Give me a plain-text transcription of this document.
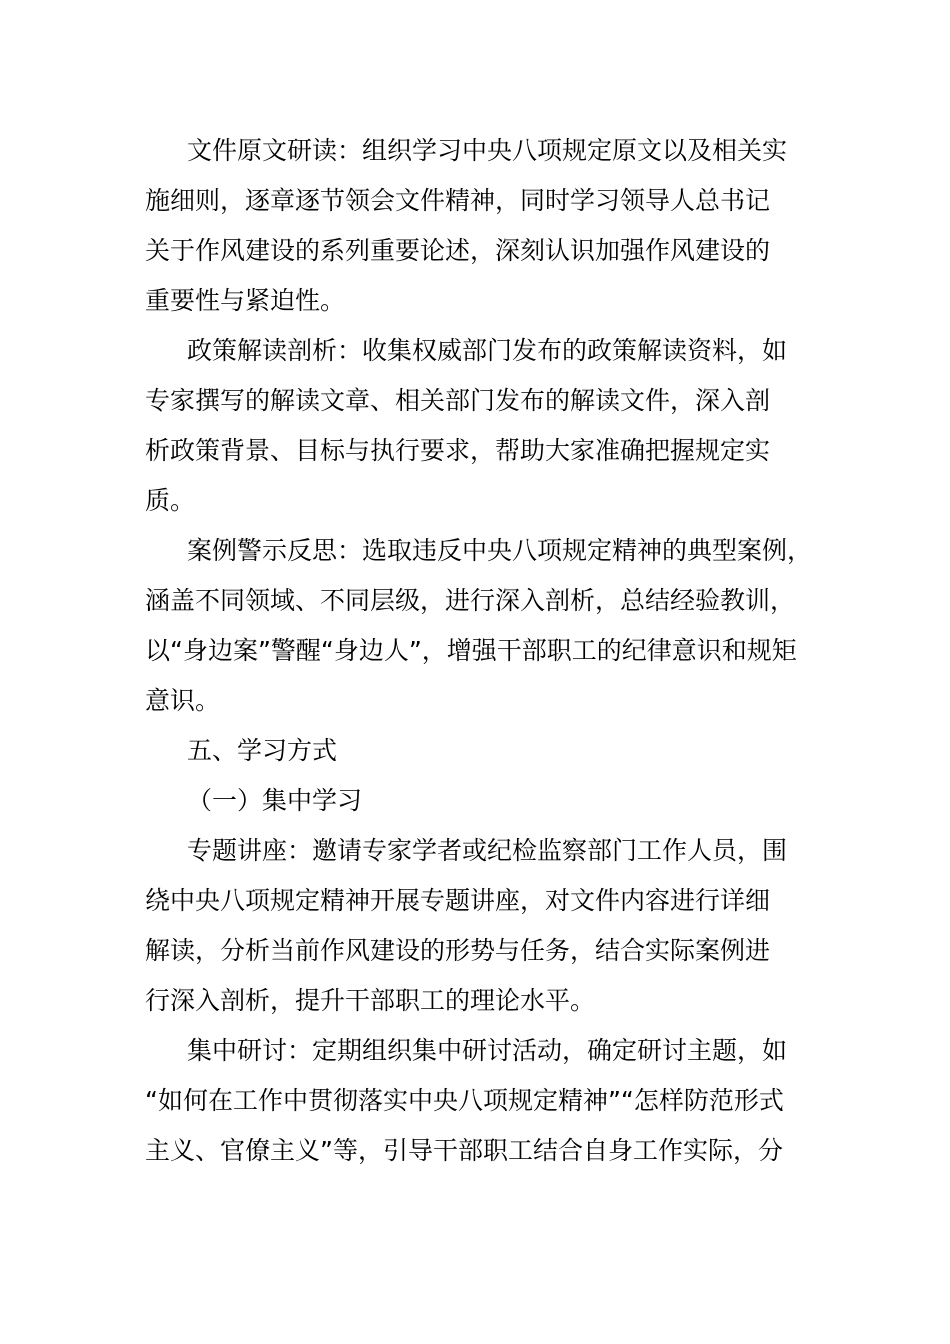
文件原文研读：组织学习中央八项规定原文以及相关实
施细则，逐章逐节领会文件精神，同时学习领导人总书记
关于作风建设的系列重要论述，深刻认识加强作风建设的
重要性与紧迫性。
政策解读剖析：收集权威部门发布的政策解读资料，如
专家撰写的解读文章、相关部门发布的解读文件，深入剖
析政策背景、目标与执行要求，帮助大家准确把握规定实
质。
案例警示反思：选取违反中央八项规定精神的典型案例，
涵盖不同领域、不同层级，进行深入剖析，总结经验教训，
以“身边案”警醒“身边人”，增强干部职工的纪律意识和规矩
意识。
五、学习方式
（一）集中学习
专题讲座：邀请专家学者或纪检监察部门工作人员，围
绕中央八项规定精神开展专题讲座，对文件内容进行详细
解读，分析当前作风建设的形势与任务，结合实际案例进
行深入剖析，提升干部职工的理论水平。
集中研讨：定期组织集中研讨活动，确定研讨主题，如
“如何在工作中贯彻落实中央八项规定精神”“怎样防范形式
主义、官僚主义”等，引导干部职工结合自身工作实际，分
